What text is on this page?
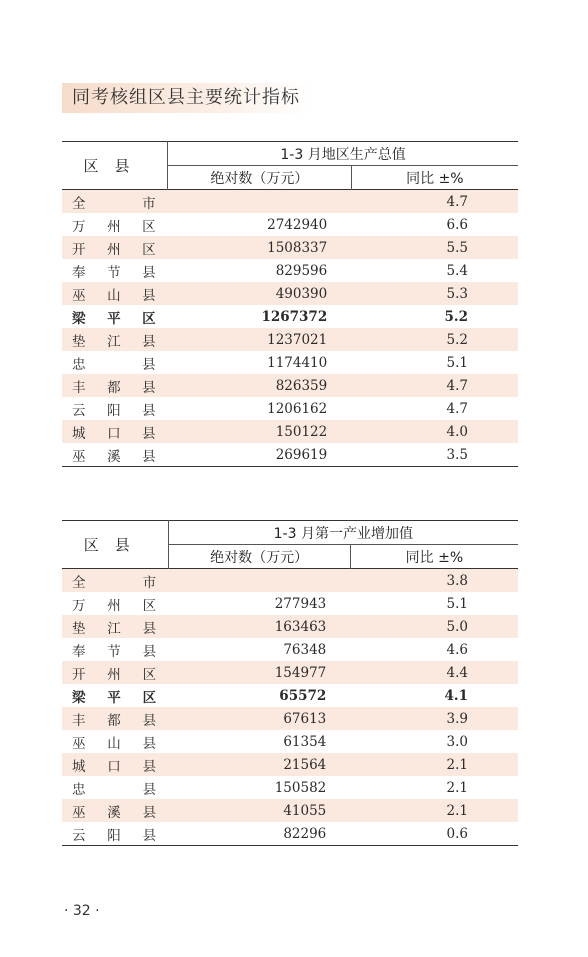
同考核组区县主要统计指标
区县	1-3 月地区生产总值	
	绝对数（万元）	同比 ±%

全 市		4.7

万 州 区	2742940	6.6

开 州 区	1508337	5.5

奉 节 县	829596	5.4

巫 山 县	490390	5.3

梁 平 区	1267372	5.2

垫 江 县	1237021	5.2

忠 县	1174410	5.1

丰 都 县	826359	4.7

云 阳 县	1206162	4.7

城 口 县	150122	4.0

巫 溪 县	269619	3.5
区县	1-3 月第一产业增加值	
	绝对数（万元）	同比 ±%

全 市		3.8

万 州 区	277943	5.1

垫 江 县	163463	5.0

奉 节 县	76348	4.6

开 州 区	154977	4.4

梁 平 区	65572	4.1

丰 都 县	67613	3.9

巫 山 县	61354	3.0

城 口 县	21564	2.1

忠 县	150582	2.1

巫 溪 县	41055	2.1

云 阳 县	82296	0.6
· 32 ·
